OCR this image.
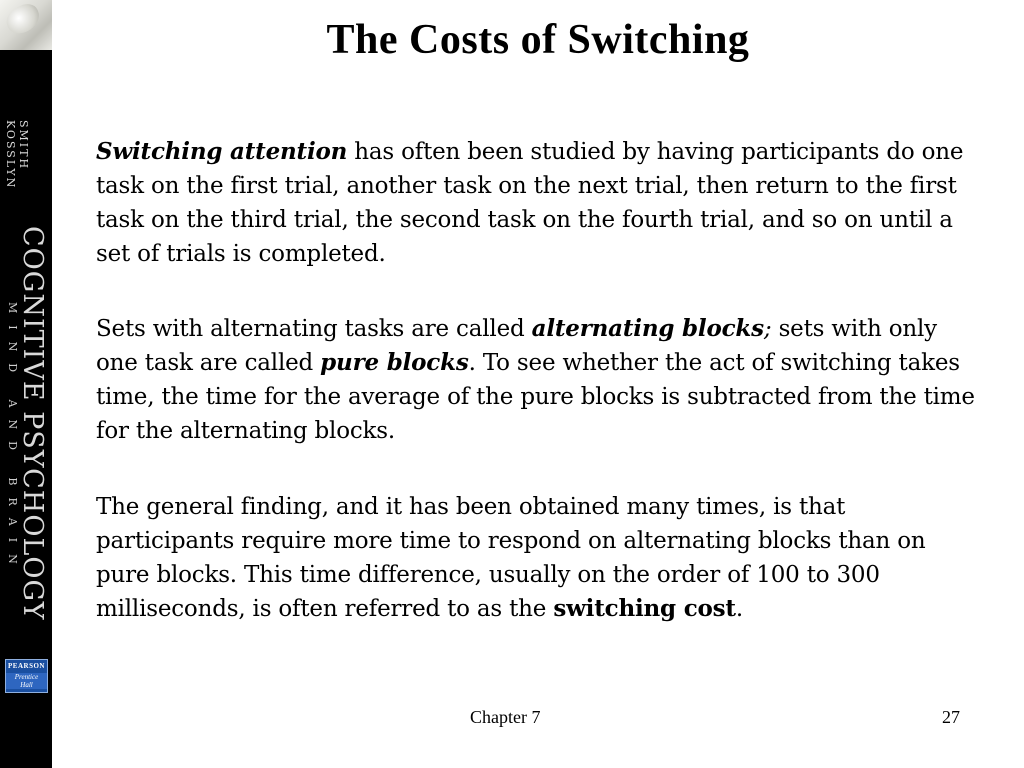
SMITH
KOSSLYN
COGNITIVE PSYCHOLOGY
MIND AND BRAIN
PEARSON
Prentice
Hall
The Costs of Switching

Switching attention has often been studied by having participants do one task on the first trial, another task on the next trial, then return to the first task on the third trial, the second task on the fourth trial, and so on until a set of trials is completed.

Sets with alternating tasks are called alternating blocks; sets with only one task are called pure blocks. To see whether the act of switching takes time, the time for the average of the pure blocks is subtracted from the time for the alternating blocks.

The general finding, and it has been obtained many times, is that participants require more time to respond on alternating blocks than on pure blocks. This time difference, usually on the order of 100 to 300 milliseconds, is often referred to as the switching cost.

Chapter 7	27
